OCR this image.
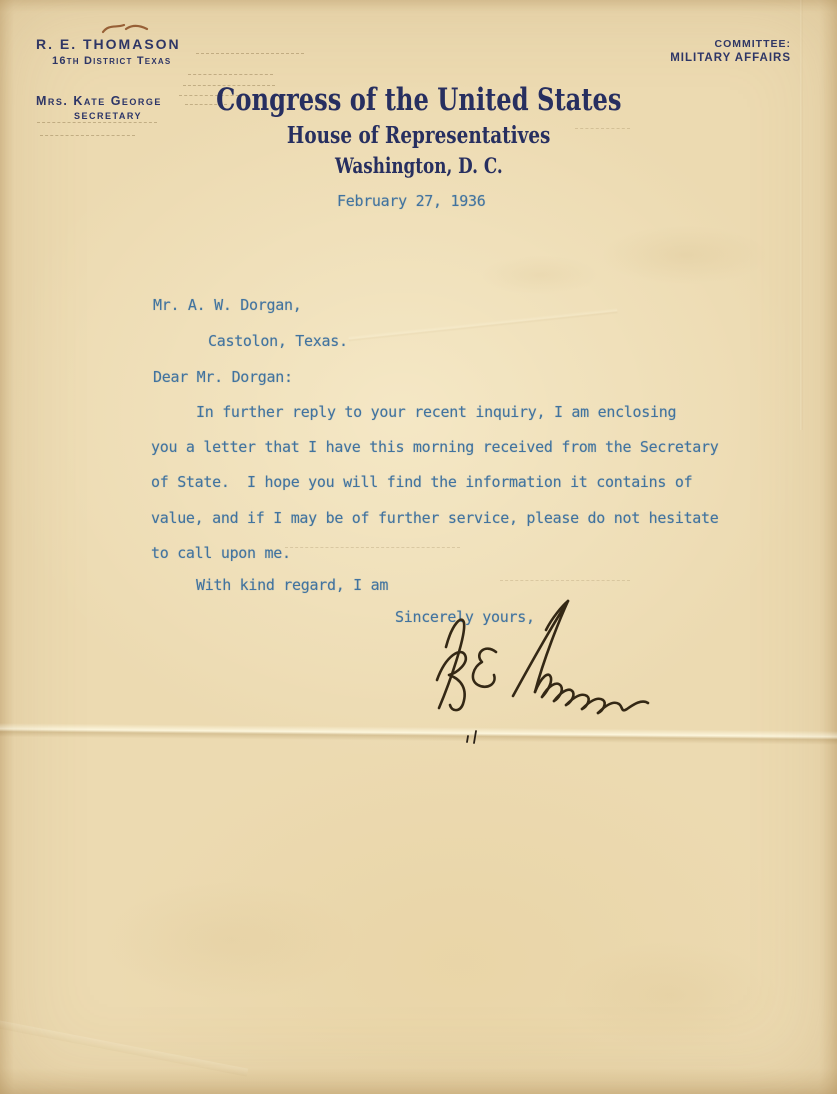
R. E. THOMASON
16th District Texas
Mrs. Kate George
SECRETARY
COMMITTEE:
MILITARY AFFAIRS
Congress of the United States
House of Representatives
Washington, D. C.
February 27, 1936
Mr. A. W. Dorgan,
Castolon, Texas.
Dear Mr. Dorgan:
In further reply to your recent inquiry, I am enclosing
you a letter that I have this morning received from the Secretary
of State.  I hope you will find the information it contains of
value, and if I may be of further service, please do not hesitate
to call upon me.
With kind regard, I am
Sincerely yours,
